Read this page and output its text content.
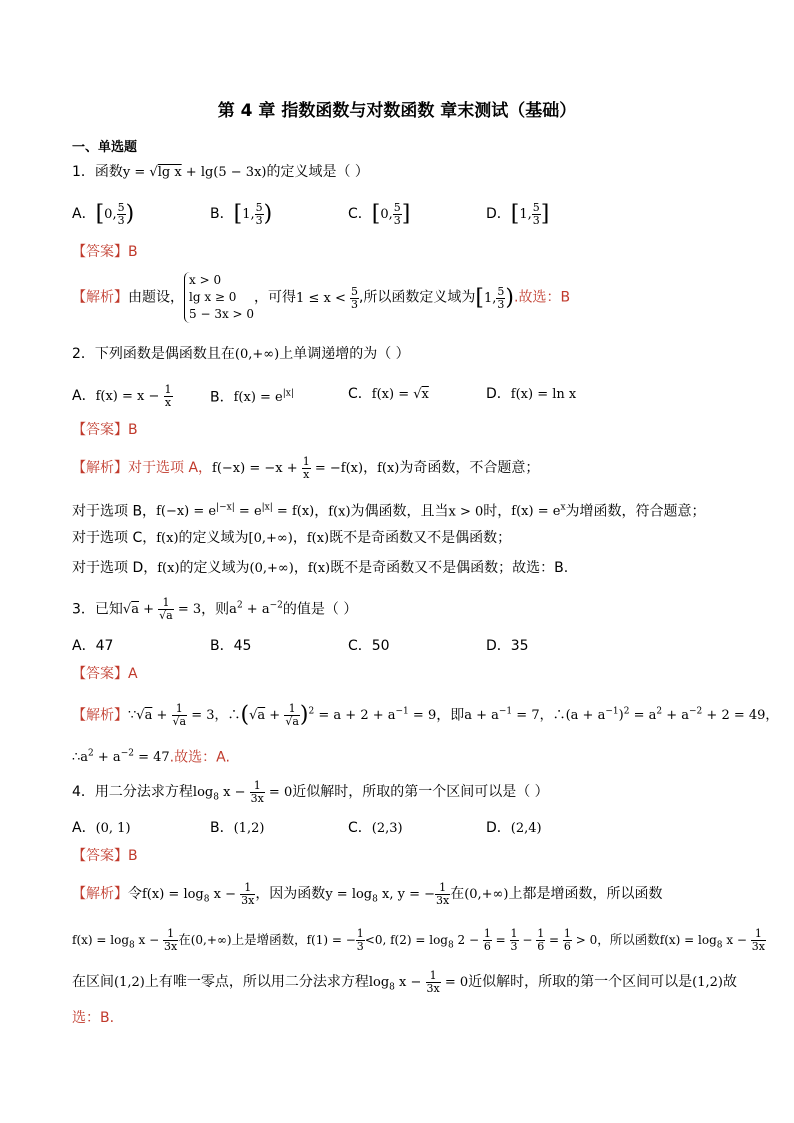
第 4 章 指数函数与对数函数 章末测试（基础）
一、单选题
1．函数y = √lg x + lg(5 − 3x)的定义域是（ ）
A．[0, $\frac{5}{3}$ )	B．[1, $\frac{5}{3}$ )	C．[0, $\frac{5}{3}$ ]	D．[1, $\frac{5}{3}$ ]
【答案】B
【解析】由题设，
x > 0
lg x ≥ 0
5 − 3x > 0
，可得$1 \le x < \frac{5}{3}$ ,所以函数定义域为[1, $\frac{5}{3}$ ).故选：B
2．下列函数是偶函数且在(0,+∞)上单调递增的为（ ）
A．$f(x) = x - \frac{1}{x}$	B．$f(x) = e^{|x|}$	C．f(x) = √x	D．f(x) = ln x
【答案】B
【解析】对于选项 A，$f(-x) = -x + \frac{1}{x} = -f(x)$，f(x)为奇函数，不合题意；
对于选项 B，$f(-x) = e^{|-x|} = e^{|x|} = f(x)$，f(x)为偶函数，且当x > 0时，$f(x) = e^x$为增函数，符合题意；
对于选项 C，f(x)的定义域为[0,+∞)，f(x)既不是奇函数又不是偶函数；
对于选项 D，f(x)的定义域为(0,+∞)，f(x)既不是奇函数又不是偶函数；故选：B.
3．已知$√a + \frac{1}{√a} = 3$，则$a^2 + a^{-2}$的值是（ ）
A．47	B．45	C．50	D．35
【答案】A
【解析】∵√a + $\frac{1}{√a} = 3$，∴(√a + $\frac{1}{√a} )^2 = a + 2 + a^{-1} = 9$，即$a + a^{-1} = 7$，∴(a + $a^{-1})^2 = a^2 + a^{-2} + 2 = 49$，
$\therefore a^2 + a^{-2} = 47$.故选：A.
4．用二分法求方程$\log_8 x - \frac{1}{3x} = 0$近似解时，所取的第一个区间可以是（ ）
A．(0, 1)	B．(1,2)	C．(2,3)	D．(2,4)
【答案】B
【解析】令$f(x) = \log_8 x - \frac{1}{3x}$ ，因为函数$y = \log_8 x$, y = − $\frac{1}{3x}$ 在(0,+∞)上都是增函数，所以函数
$f(x) = \log_8 x - \frac{1}{3x}$ 在(0,+∞)上是增函数，f(1) = − $\frac{1}{3} <0$, $f(2) = \log_8 2 - \frac{1}{6} = \frac{1}{3} - \frac{1}{6} = \frac{1}{6} > 0$，所以函数$f(x) = \log_8 x - \frac{1}{3x}$
在区间(1,2)上有唯一零点，所以用二分法求方程$\log_8 x - \frac{1}{3x} = 0$近似解时，所取的第一个区间可以是(1,2)故
选：B.
